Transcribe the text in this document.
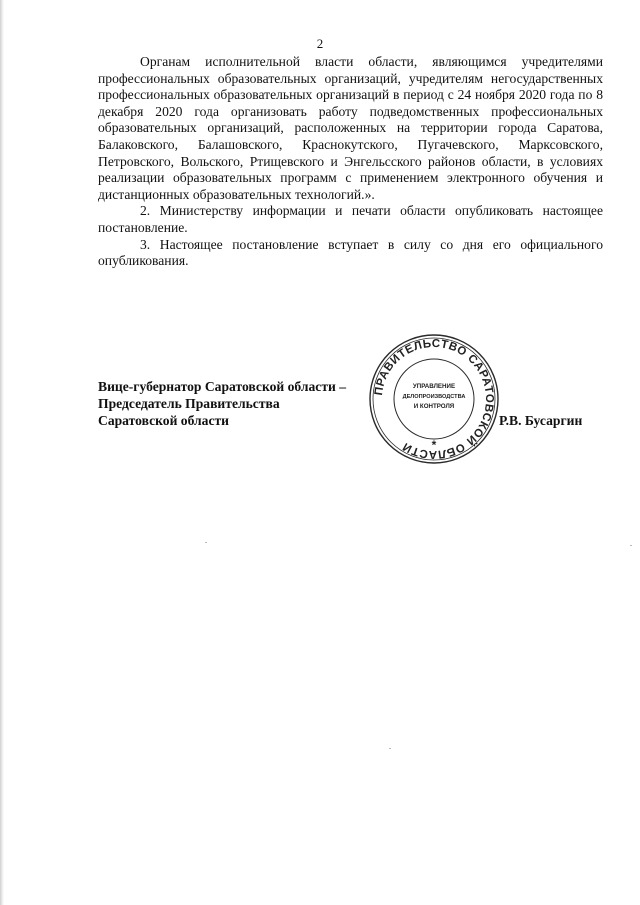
2

Органам исполнительной власти области, являющимся учредителями профессиональных образовательных организаций, учредителям негосударственных профессиональных образовательных организаций в период с 24 ноября 2020 года по 8 декабря 2020 года организовать работу подведомственных профессиональных образовательных организаций, расположенных на территории города Саратова, Балаковского, Балашовского, Краснокутского, Пугачевского, Марксовского, Петровского, Вольского, Ртищевского и Энгельсского районов области, в условиях реализации образовательных программ с применением электронного обучения и дистанционных образовательных технологий.».

2. Министерству информации и печати области опубликовать настоящее постановление.

3. Настоящее постановление вступает в силу со дня его официального опубликования.

Вице-губернатор Саратовской области –
Председатель Правительства
Саратовской области
ПРАВИТЕЛЬСТВО САРАТОВСКОЙ ОБЛАСТИ
УПРАВЛЕНИЕ
ДЕЛОПРОИЗВОДСТВА
И КОНТРОЛЯ
*
Р.В. Бусаргин
